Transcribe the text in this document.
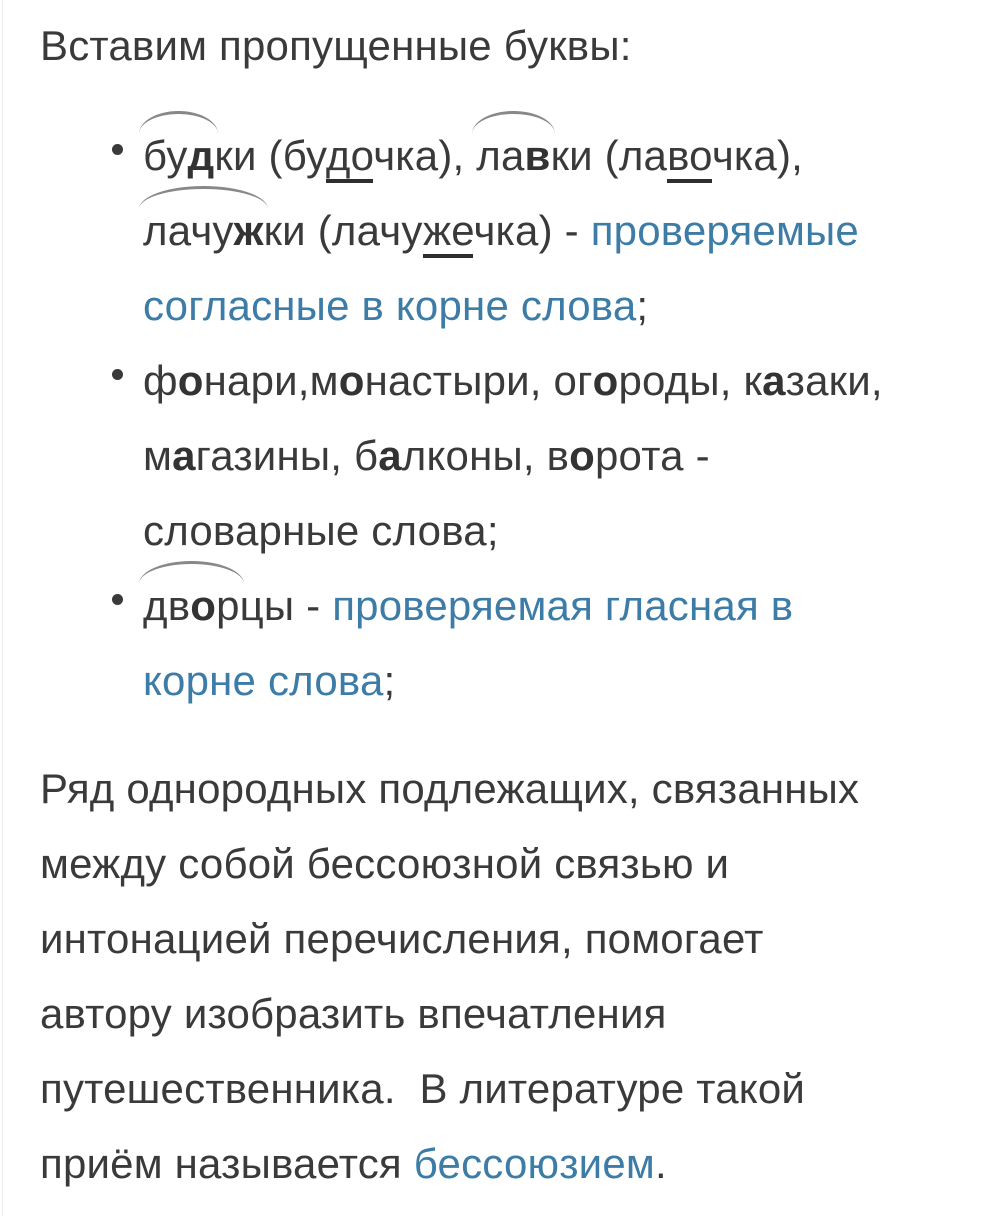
Вставим пропущенные буквы:
будки (будочка), лавки (лавочка),
лачужки (лачужечка) - проверяемые
согласные в корне слова;
фонари,монастыри, огороды, казаки,
магазины, балконы, ворота -
словарные слова;
дворцы - проверяемая гласная в
корне слова;

Ряд однородных подлежащих, связанных
между собой бессоюзной связью и
интонацией перечисления, помогает
автору изобразить впечатления
путешественника.  В литературе такой
приём называется бессоюзием.
